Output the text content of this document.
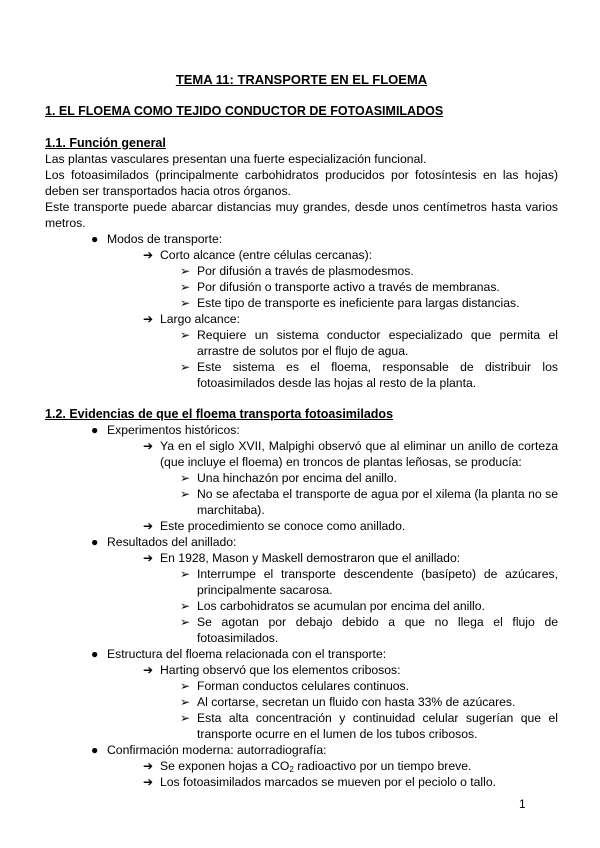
TEMA 11: TRANSPORTE EN EL FLOEMA
1. EL FLOEMA COMO TEJIDO CONDUCTOR DE FOTOASIMILADOS
1.1. Función general

Las plantas vasculares presentan una fuerte especialización funcional.

Los fotoasimilados (principalmente carbohidratos producidos por fotosíntesis en las hojas) deben ser transportados hacia otros órganos.

Este transporte puede abarcar distancias muy grandes, desde unos centímetros hasta varios metros.

● Modos de transporte:
➔ Corto alcance (entre células cercanas):
➢ Por difusión a través de plasmodesmos.
➢ Por difusión o transporte activo a través de membranas.
➢ Este tipo de transporte es ineficiente para largas distancias.
➔ Largo alcance:
➢ Requiere un sistema conductor especializado que permita el arrastre de solutos por el flujo de agua.
➢ Este sistema es el floema, responsable de distribuir los fotoasimilados desde las hojas al resto de la planta.
1.2. Evidencias de que el floema transporta fotoasimilados
● Experimentos históricos:
➔ Ya en el siglo XVII, Malpighi observó que al eliminar un anillo de corteza (que incluye el floema) en troncos de plantas leñosas, se producía:
➢ Una hinchazón por encima del anillo.
➢ No se afectaba el transporte de agua por el xilema (la planta no se marchitaba).
➔ Este procedimiento se conoce como anillado.
● Resultados del anillado:
➔ En 1928, Mason y Maskell demostraron que el anillado:
➢ Interrumpe el transporte descendente (basípeto) de azúcares, principalmente sacarosa.
➢ Los carbohidratos se acumulan por encima del anillo.
➢ Se agotan por debajo debido a que no llega el flujo de fotoasimilados.
● Estructura del floema relacionada con el transporte:
➔ Harting observó que los elementos cribosos:
➢ Forman conductos celulares continuos.
➢ Al cortarse, secretan un fluido con hasta 33% de azúcares.
➢ Esta alta concentración y continuidad celular sugerían que el transporte ocurre en el lumen de los tubos cribosos.
● Confirmación moderna: autorradiografía:
➔ Se exponen hojas a $CO_2$ radioactivo por un tiempo breve.
➔ Los fotoasimilados marcados se mueven por el peciolo o tallo.
1
